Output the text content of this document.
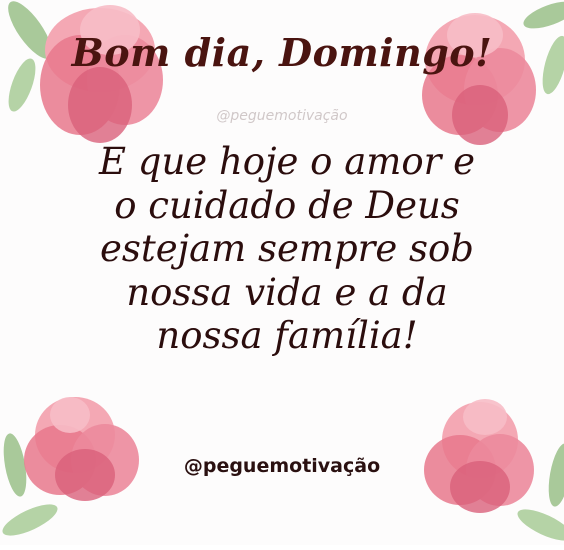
Bom dia, Domingo!
@peguemotivação
E que hoje o amor e o cuidado de Deus estejam sempre sob nossa vida e a da nossa família!
@peguemotivação
